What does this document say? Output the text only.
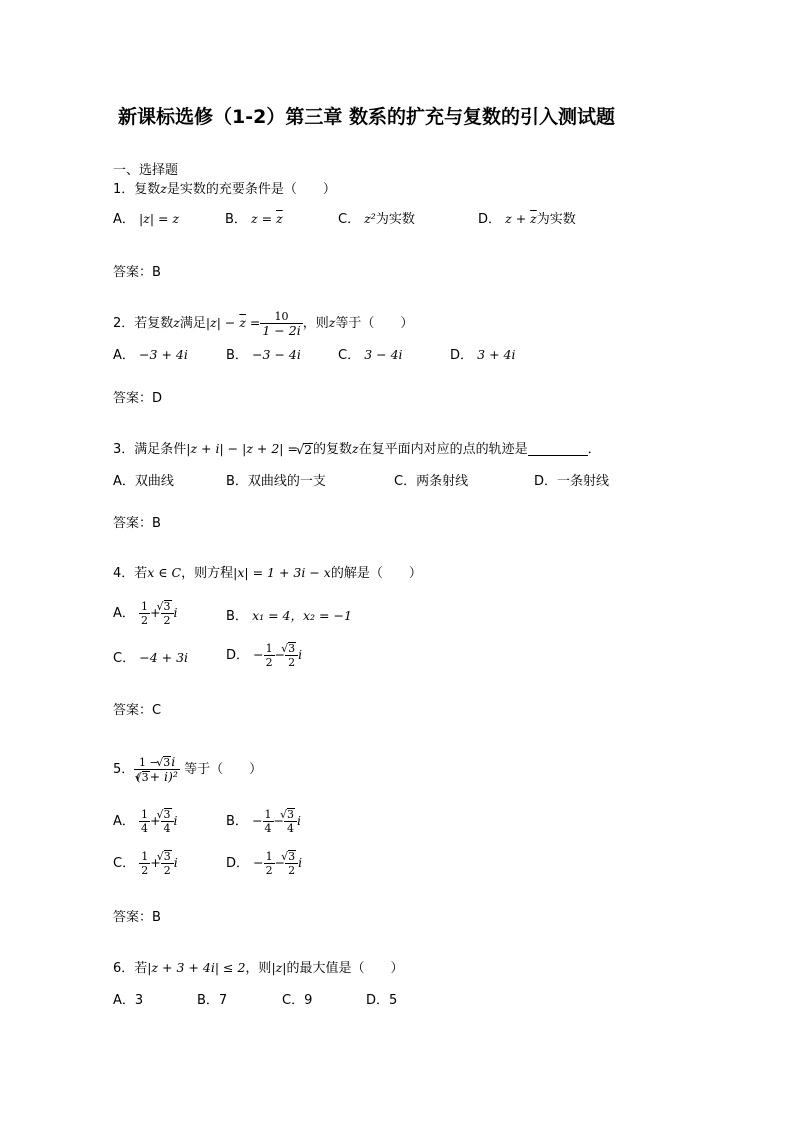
新课标选修（1-2）第三章 数系的扩充与复数的引入测试题
一、选择题
1．复数 z 是实数的充要条件是（　　）
A．
|z| = z	B．
$z = \overline{z}$	C．
z² 为实数	D．
$z + \overline{z}$ 为实数
答案：B
2．若复数 z 满足 $|z| - \overline{z} = \frac{10}{1 - 2i}$ ，则 z 等于（　　）
A．
−3 + 4i	B．
−3 − 4i	C．
3 − 4i	D．
3 + 4i
答案：D
3．满足条件 |z + i| − |z + 2| =
√ 2 的复数 z 在复平面内对应的点的轨迹是	．
A．双曲线	B．双曲线的一支	C．两条射线	D．一条射线
答案：B
4．若 x ∈ C ，则方程 |x| = 1 + 3i − x 的解是（　　）
A．
$\frac{1}{2}$ + √ $\frac{3}{2}$ i	B．
x₁ = 4，x₂ = −1
C．
−4 + 3i	D．
− $\frac{1}{2}$ − √ $\frac{3}{2}$ i
答案：C
5． $\frac{1 - √ 3i}{\text{(√ 3+ i)²}}$
等于（　　）
A．
$\frac{1}{4}$ + √ $\frac{3}{4}$ i	B．
− $\frac{1}{4}$ − √ $\frac{3}{4}$ i
C．
$\frac{1}{2}$ + √ $\frac{3}{2}$ i	D．
− $\frac{1}{2}$ − √ $\frac{3}{2}$ i
答案：B
6．若 |z + 3 + 4i| ≤ 2 ，则 |z| 的最大值是（　　）
A．3	B．7	C．9	D．5
